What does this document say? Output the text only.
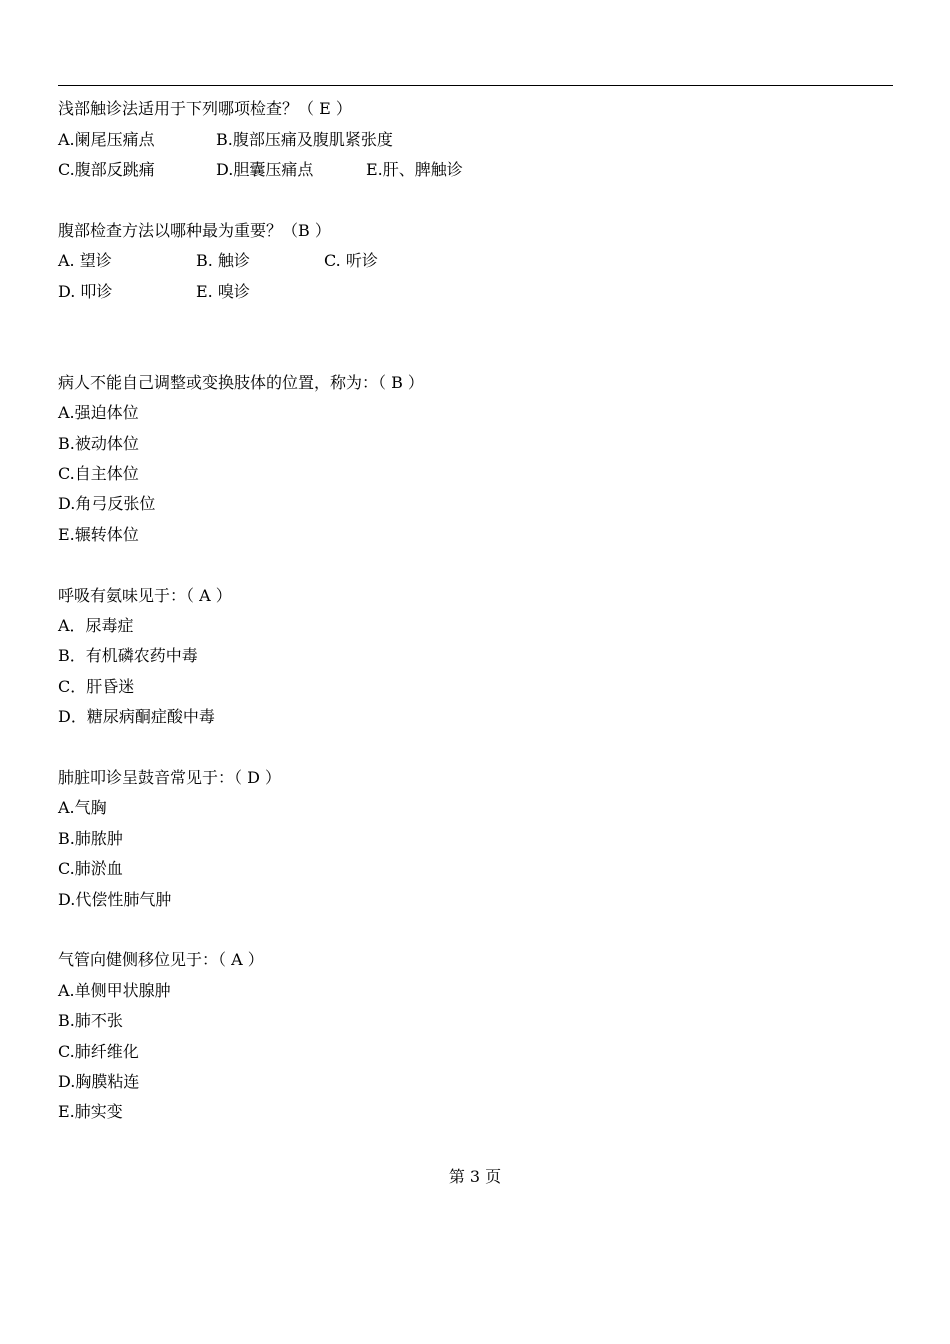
浅部触诊法适用于下列哪项检查？（ E ）
A.阑尾压痛点	B.腹部压痛及腹肌紧张度
C.腹部反跳痛	D.胆囊压痛点	E.肝、脾触诊
腹部检查方法以哪种最为重要？（B ）
A. 望诊	B. 触诊	C. 听诊
D. 叩诊	E. 嗅诊
病人不能自己调整或变换肢体的位置，称为：（ B ）
A.强迫体位
B.被动体位
C.自主体位
D.角弓反张位
E.辗转体位
呼吸有氨味见于：（ A ）
A．尿毒症
B．有机磷农药中毒
C．肝昏迷
D．糖尿病酮症酸中毒
肺脏叩诊呈鼓音常见于：（ D ）
A.气胸
B.肺脓肿
C.肺淤血
D.代偿性肺气肿
气管向健侧移位见于：（ A ）
A.单侧甲状腺肿
B.肺不张
C.肺纤维化
D.胸膜粘连
E.肺实变
第 3 页
